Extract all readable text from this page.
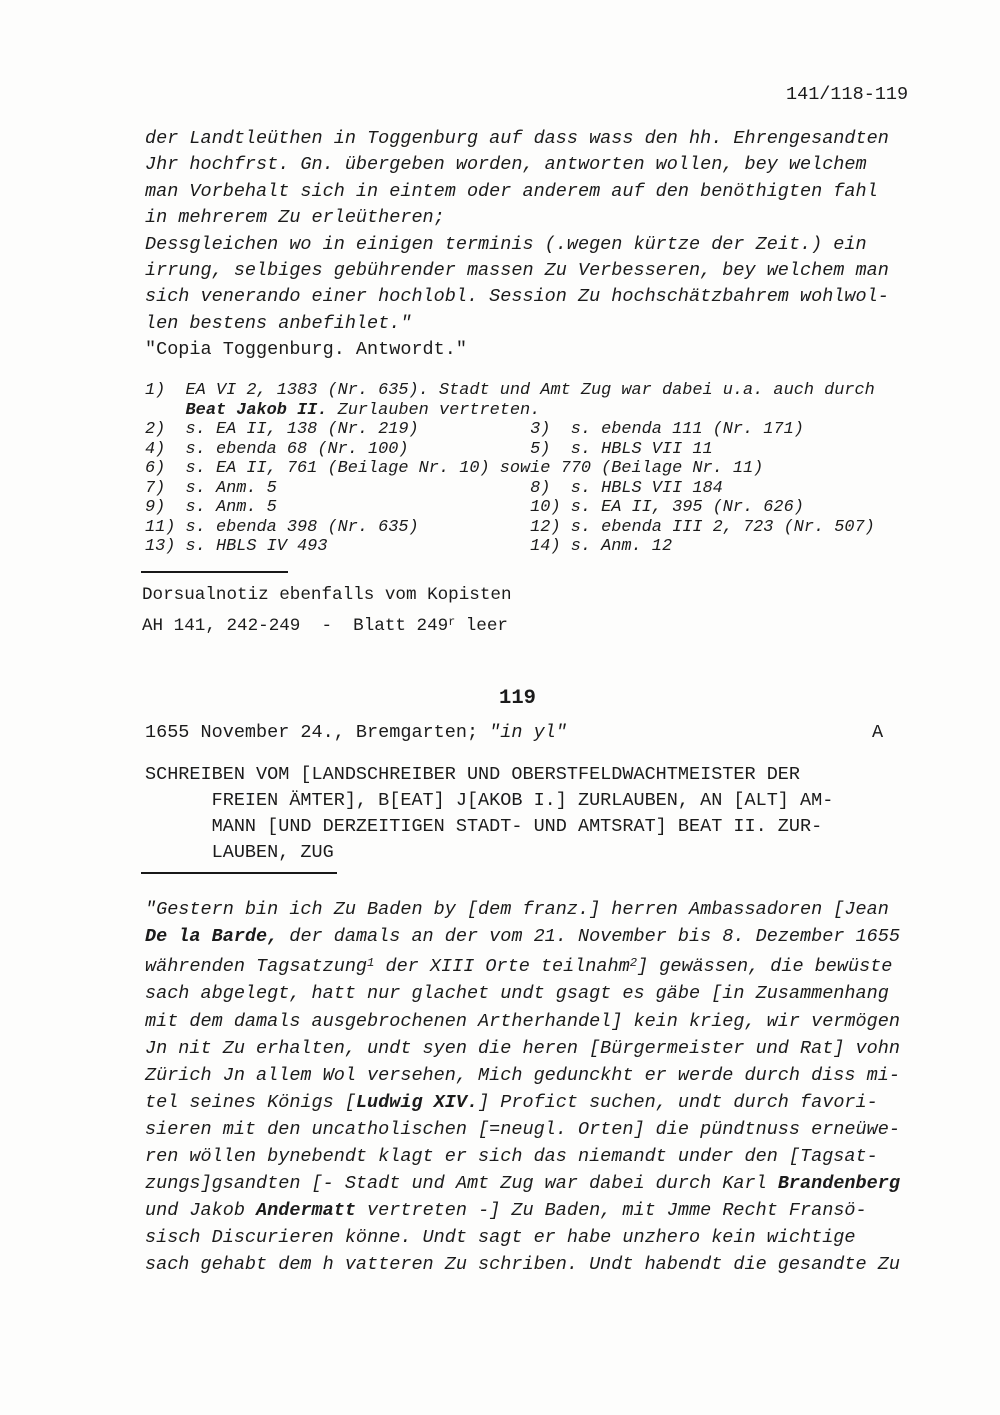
141/118-119
der Landtleüthen in Toggenburg auf dass wass den hh. Ehrengesandten
Jhr hochfrst. Gn. übergeben worden, antworten wollen, bey welchem
man Vorbehalt sich in eintem oder anderem auf den benöthigten fahl
in mehrerem Zu erleütheren;
Dessgleichen wo in einigen terminis (.wegen kürtze der Zeit.) ein
irrung, selbiges gebührender massen Zu Verbesseren, bey welchem man
sich venerando einer hochlobl. Session Zu hochschätzbahrem wohlwol-
len bestens anbefihlet."
"Copia Toggenburg. Antwordt."
1)  EA VI 2, 1383 (Nr. 635). Stadt und Amt Zug war dabei u.a. auch durch
Beat Jakob II. Zurlauben vertreten.
2)  s. EA II, 138 (Nr. 219)           3)  s. ebenda 111 (Nr. 171)
4)  s. ebenda 68 (Nr. 100)            5)  s. HBLS VII 11
6)  s. EA II, 761 (Beilage Nr. 10) sowie 770 (Beilage Nr. 11)
7)  s. Anm. 5                         8)  s. HBLS VII 184
9)  s. Anm. 5                         10) s. EA II, 395 (Nr. 626)
11) s. ebenda 398 (Nr. 635)           12) s. ebenda III 2, 723 (Nr. 507)
13) s. HBLS IV 493                    14) s. Anm. 12
Dorsualnotiz ebenfalls vom Kopisten
AH 141, 242-249  -  Blatt 249$^r$ leer
119
1655 November 24., Bremgarten; "in yl"	A
SCHREIBEN VOM [LANDSCHREIBER UND OBERSTFELDWACHTMEISTER DER
FREIEN ÄMTER], B[EAT] J[AKOB I.] ZURLAUBEN, AN [ALT] AM-
MANN [UND DERZEITIGEN STADT- UND AMTSRAT] BEAT II. ZUR-
LAUBEN, ZUG
"Gestern bin ich Zu Baden by [dem franz.] herren Ambassadoren [Jean
De la Barde, der damals an der vom 21. November bis 8. Dezember 1655
währenden Tagsatzung$^1$ der XIII Orte teilnahm$^2$] gewässen, die bewüste
sach abgelegt, hatt nur glachet undt gsagt es gäbe [in Zusammenhang
mit dem damals ausgebrochenen Artherhandel] kein krieg, wir vermögen
Jn nit Zu erhalten, undt syen die heren [Bürgermeister und Rat] vohn
Zürich Jn allem Wol versehen, Mich gedunckht er werde durch diss mi-
tel seines Königs [Ludwig XIV.] Profict suchen, undt durch favori-
sieren mit den uncatholischen [=neugl. Orten] die pündtnuss erneüwe-
ren wöllen bynebendt klagt er sich das niemandt under den [Tagsat-
zungs]gsandten [- Stadt und Amt Zug war dabei durch Karl Brandenberg
und Jakob Andermatt vertreten -] Zu Baden, mit Jmme Recht Fransö-
sisch Discurieren könne. Undt sagt er habe unzhero kein wichtige
sach gehabt dem h vatteren Zu schriben. Undt habendt die gesandte Zu
